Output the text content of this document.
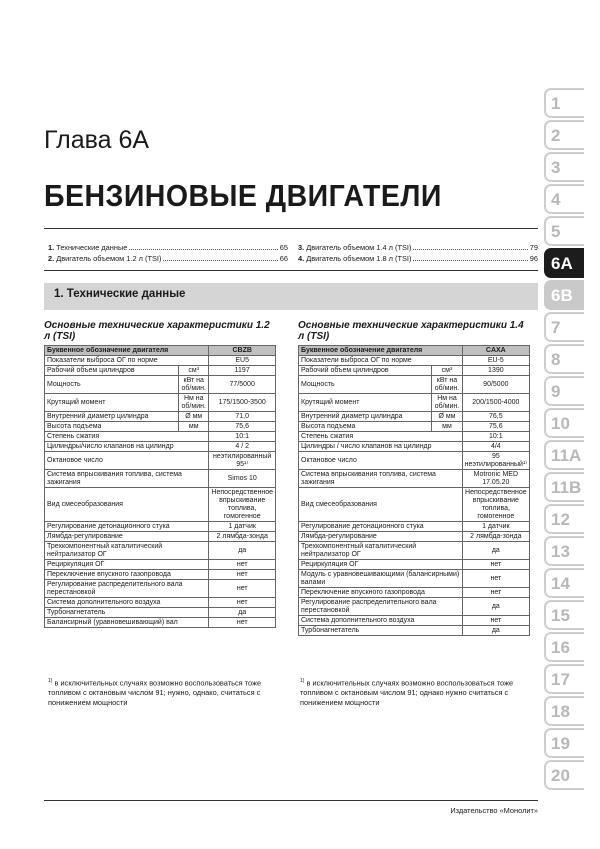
Глава 6А
БЕНЗИНОВЫЕ ДВИГАТЕЛИ
1. Технические данные	65
2. Двигатель объемом 1.2 л (TSI)	66
3. Двигатель объемом 1.4 л (TSI)	79
4. Двигатель объемом 1.8 л (TSI)	96
1. Технические данные
Основные технические характеристики 1.2 л (TSI)
Буквенное обозначение двигателя		CBZB
Показатели выброса ОГ по норме		EU5
Рабочий объем цилиндров	см³	1197
Мощность	кВт на об/мин.	77/5000
Крутящий момент	Нм на об/мин.	175/1500-3500
Внутренний диаметр цилиндра	Ø мм	71,0
Высота подъема	мм	75,6
Степень сжатия		10:1
Цилиндры/число клапанов на цилиндр		4 / 2
Октановое число		неэтилированный 95¹⁾
Система впрыскивания топлива, система зажигания		Simos 10
Вид смесеобразования		Непосредственное впрыскивание топлива, гомогенное
Регулирование детонационного стука		1 датчик
Лямбда-регулирование		2 лямбда-зонда
Трехкомпонентный каталитический нейтрализатор ОГ		да
Рециркуляция ОГ		нет
Переключение впускного газопровода		нет
Регулирование распределительного вала перестановкой		нет
Система дополнительного воздуха		нет
Турбонагнетатель		да
Балансирный (уравновешивающий) вал		нет
$^{1)}$ в исключительных случаях возможно воспользоваться тоже топливом с октановым числом 91; нужно, однако, считаться с понижением мощности
Основные технические характеристики 1.4 л (TSI)
Буквенное обозначение двигателя		CAXA
Показатели выброса ОГ по норме		EU-5
Рабочий объем цилиндров	см³	1390
Мощность	кВт на об/мин.	90/5000
Крутящий момент	Нм на об/мин.	200/1500-4000
Внутренний диаметр цилиндра	Ø мм	76,5
Высота подъема	мм	75,6
Степень сжатия		10:1
Цилиндры / число клапанов на цилиндр		4/4
Октановое число		95 неэтилированный¹⁾
Система впрыскивания топлива, система зажигания		Motronic MED 17.05.20
Вид смесеобразования		Непосредственное впрыскивание топлива, гомогенное
Регулирование детонационного стука		1 датчик
Лямбда-регулирование		2 лямбда-зонда
Трехкомпонентный каталитический нейтрализатор ОГ		да
Рециркуляция ОГ		нет
Модуль с уравновешивающими (балансирными) валами		нет
Переключение впускного газопровода		нет
Регулирование распределительного вала перестановкой		да
Система дополнительного воздуха		нет
Турбонагнетатель		да
$^{1)}$ в исключительных случаях возможно воспользоваться тоже топливом с октановым числом 91; однако нужно считаться с понижением мощности
Издательство «Монолит»
1
2
3
4
5
6А
6В
7
8
9
10
11А
11В
12
13
14
15
16
17
18
19
20
